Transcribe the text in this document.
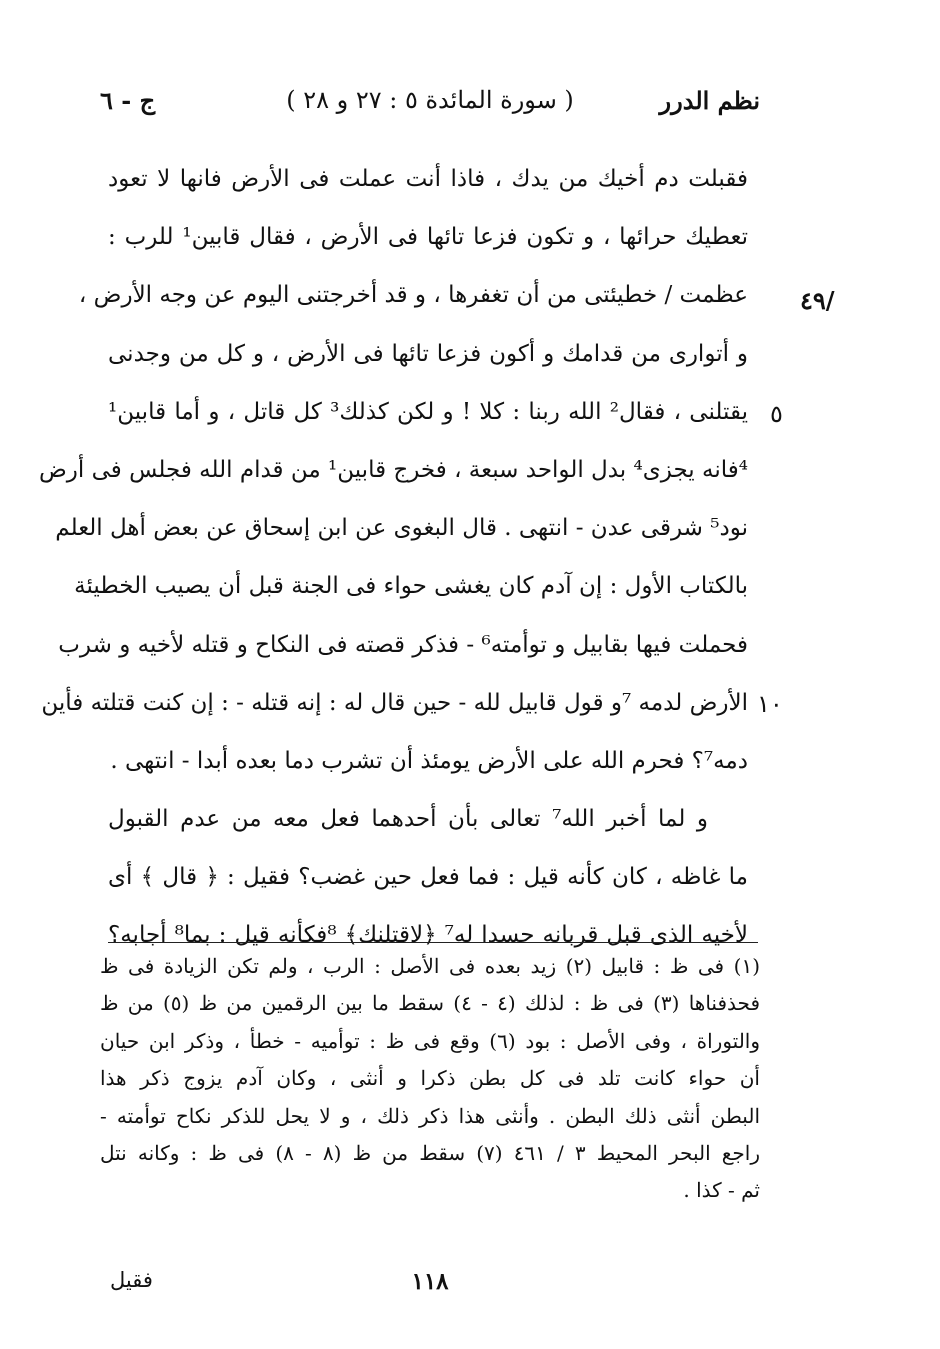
نظم الدرر
( سورة المائدة ٥ : ٢٧ و ٢٨ )
ج - ٦
/٤٩
٥
١٠
فقبلت دم أخيك من يدك ، فاذا أنت عملت فى الأرض فانها لا تعود
تعطيك حرائها ، و تكون فزعا تائها فى الأرض ، فقال قابين¹ للرب :
عظمت / خطيئتى من أن تغفرها ، و قد أخرجتنى اليوم عن وجه الأرض ،
و أتوارى من قدامك و أكون فزعا تائها فى الأرض ، و كل من وجدنى
يقتلنى ، فقال² الله ربنا : كلا ! و لكن كذلك³ كل قاتل ، و أما قابين¹
⁴فانه يجزى⁴ بدل الواحد سبعة ، فخرج قابين¹ من قدام الله فجلس فى أرض
نود⁵ شرقى عدن - انتهى . قال البغوى عن ابن إسحاق عن بعض أهل العلم
بالكتاب الأول : إن آدم كان يغشى حواء فى الجنة قبل أن يصيب الخطيئة
فحملت فيها بقابيل و توأمته⁶ - فذكر قصته فى النكاح و قتله لأخيه و شرب
الأرض لدمه ⁷و قول قابيل لله - حين قال له : إنه قتله - : إن كنت قتلته فأين
دمه⁷؟ فحرم الله على الأرض يومئذ أن تشرب دما بعده أبدا - انتهى .
و لما أخبر الله⁷ تعالى بأن أحدهما فعل معه من عدم القبول
ما غاظه ، كان كأنه قيل : فما فعل حين غضب؟ فقيل : ﴿ قال ﴾ أى
لأخيه الذى قبل قربانه حسدا له⁷ ﴿لاقتلنك﴾ ⁸فكأنه قيل : بما⁸ أجابه؟
(١) فى ظ : قابيل (٢) زيد بعده فى الأصل : الرب ، ولم تكن الزيادة فى ظ
فحذفناها (٣) فى ظ : لذلك (٤ - ٤) سقط ما بين الرقمين من ظ (٥) من ظ
والتوراة ، وفى الأصل : بود (٦) وقع فى ظ : توأميه - خطأ ، وذكر ابن حيان
أن حواء كانت تلد فى كل بطن ذكرا و أنثى ، وكان آدم يزوج ذكر هذا
البطن أنثى ذلك البطن . وأنثى هذا ذكر ذلك ، و لا يحل للذكر نكاح توأمته -
راجع البحر المحيط ٣ / ٤٦١ (٧) سقط من ظ (٨ - ٨) فى ظ : وكانه نتل
ثم - كذا .
١١٨
فقيل
